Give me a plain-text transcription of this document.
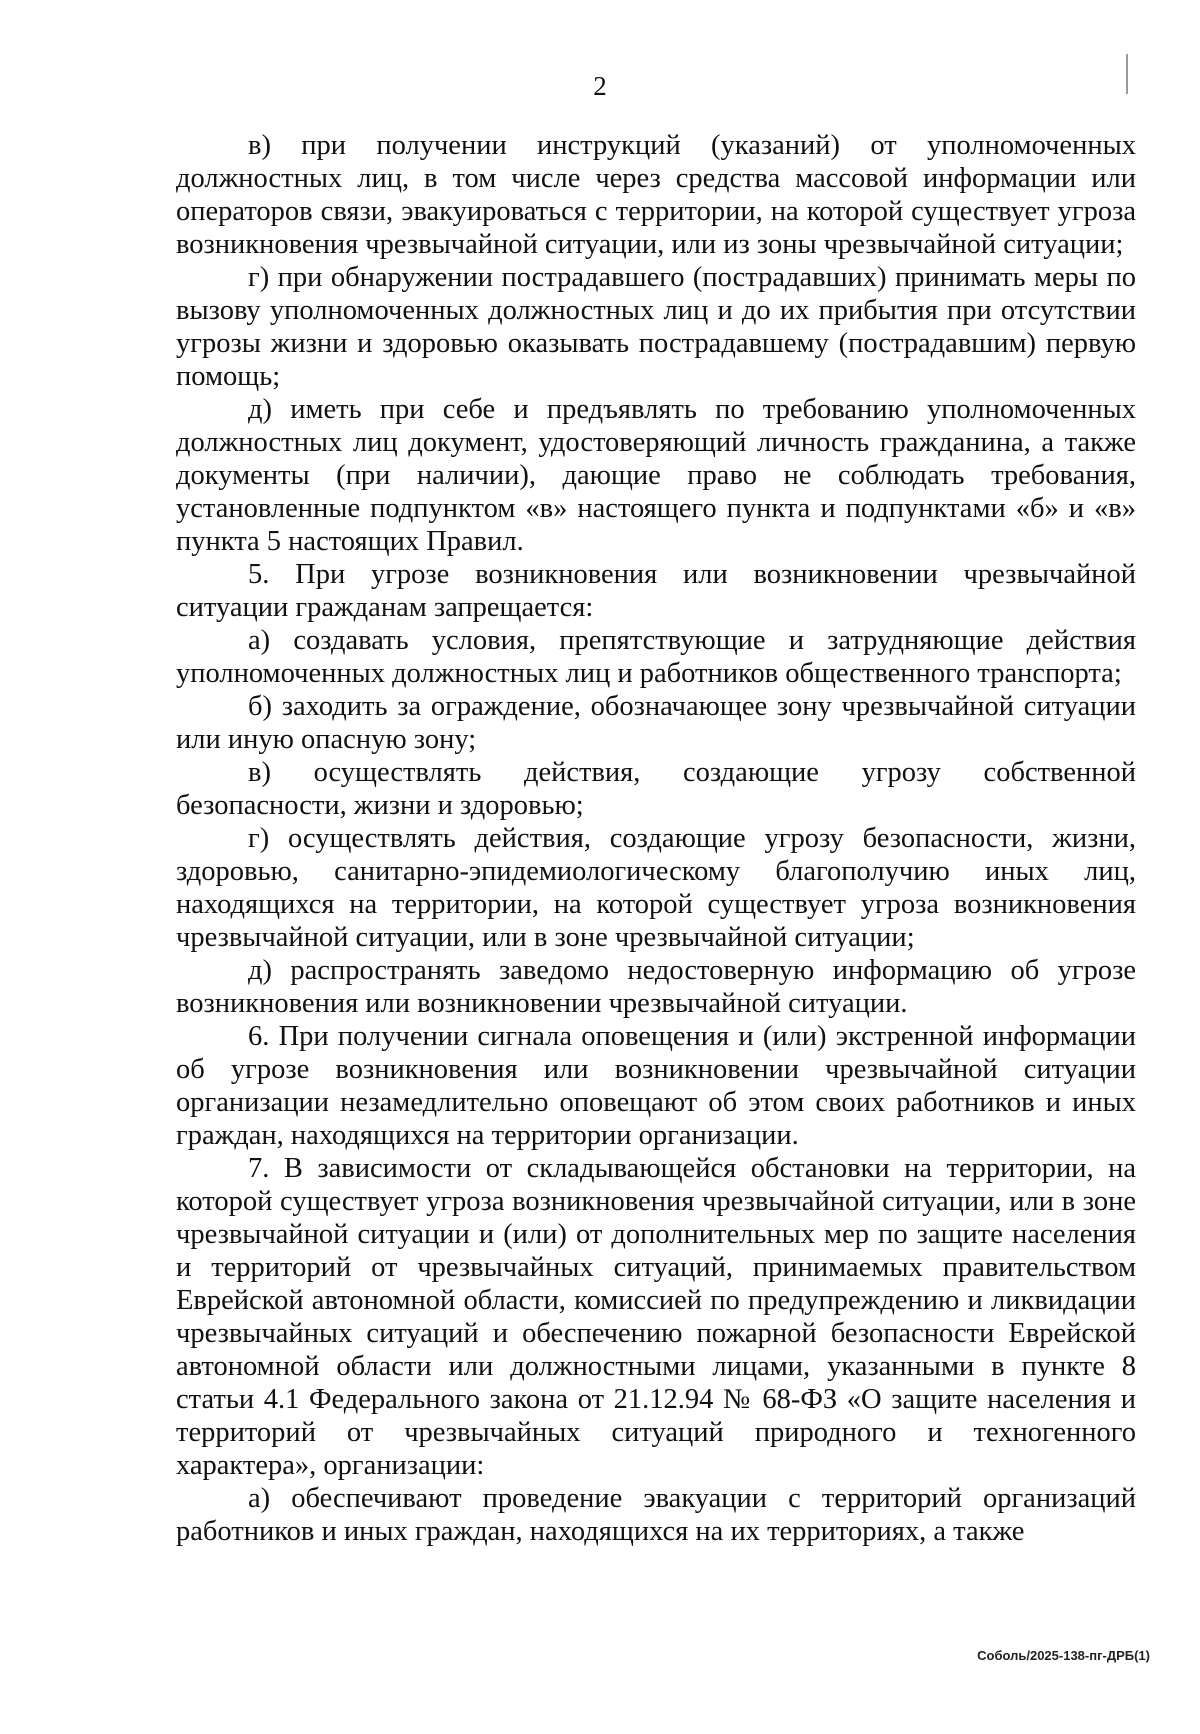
2

в) при получении инструкций (указаний) от уполномоченных должностных лиц, в том числе через средства массовой информации или операторов связи, эвакуироваться с территории, на которой существует угроза возникновения чрезвычайной ситуации, или из зоны чрезвычайной ситуации;

г) при обнаружении пострадавшего (пострадавших) принимать меры по вызову уполномоченных должностных лиц и до их прибытия при отсутствии угрозы жизни и здоровью оказывать пострадавшему (пострадавшим) первую помощь;

д) иметь при себе и предъявлять по требованию уполномоченных должностных лиц документ, удостоверяющий личность гражданина, а также документы (при наличии), дающие право не соблюдать требования, установленные подпунктом «в» настоящего пункта и подпунктами «б» и «в» пункта 5 настоящих Правил.

5. При угрозе возникновения или возникновении чрезвычайной ситуации гражданам запрещается:

а) создавать условия, препятствующие и затрудняющие действия уполномоченных должностных лиц и работников общественного транспорта;

б) заходить за ограждение, обозначающее зону чрезвычайной ситуации или иную опасную зону;

в) осуществлять действия, создающие угрозу собственной безопасности, жизни и здоровью;

г) осуществлять действия, создающие угрозу безопасности, жизни, здоровью, санитарно-эпидемиологическому благополучию иных лиц, находящихся на территории, на которой существует угроза возникновения чрезвычайной ситуации, или в зоне чрезвычайной ситуации;

д) распространять заведомо недостоверную информацию об угрозе возникновения или возникновении чрезвычайной ситуации.

6. При получении сигнала оповещения и (или) экстренной информации об угрозе возникновения или возникновении чрезвычайной ситуации организации незамедлительно оповещают об этом своих работников и иных граждан, находящихся на территории организации.

7. В зависимости от складывающейся обстановки на территории, на которой существует угроза возникновения чрезвычайной ситуации, или в зоне чрезвычайной ситуации и (или) от дополнительных мер по защите населения и территорий от чрезвычайных ситуаций, принимаемых правительством Еврейской автономной области, комиссией по предупреждению и ликвидации чрезвычайных ситуаций и обеспечению пожарной безопасности Еврейской автономной области или должностными лицами, указанными в пункте 8 статьи 4.1 Федерального закона от 21.12.94 № 68-ФЗ «О защите населения и территорий от чрезвычайных ситуаций природного и техногенного характера», организации:

а) обеспечивают проведение эвакуации с территорий организаций работников и иных граждан, находящихся на их территориях, а также

Соболь/2025-138-пг-ДРБ(1)
